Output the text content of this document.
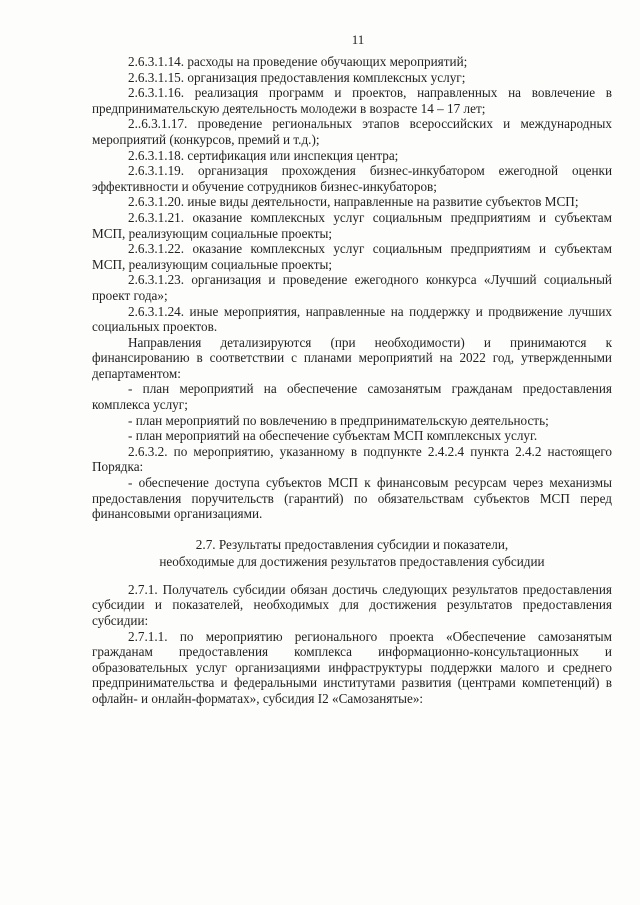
11

2.6.3.1.14. расходы на проведение обучающих мероприятий;

2.6.3.1.15. организация предоставления комплексных услуг;

2.6.3.1.16. реализация программ и проектов, направленных на вовлечение в предпринимательскую деятельность молодежи в возрасте 14 – 17 лет;

2..6.3.1.17. проведение региональных этапов всероссийских и международных мероприятий (конкурсов, премий и т.д.);

2.6.3.1.18. сертификация или инспекция центра;

2.6.3.1.19. организация прохождения бизнес-инкубатором ежегодной оценки эффективности и обучение сотрудников бизнес-инкубаторов;

2.6.3.1.20. иные виды деятельности, направленные на развитие субъектов МСП;

2.6.3.1.21. оказание комплексных услуг социальным предприятиям и субъектам МСП, реализующим социальные проекты;

2.6.3.1.22. оказание комплексных услуг социальным предприятиям и субъектам МСП, реализующим социальные проекты;

2.6.3.1.23. организация и проведение ежегодного конкурса «Лучший социальный проект года»;

2.6.3.1.24. иные мероприятия, направленные на поддержку и продвижение лучших социальных проектов.

Направления детализируются (при необходимости) и принимаются к финансированию в соответствии с планами мероприятий на 2022 год, утвержденными департаментом:

- план мероприятий на обеспечение самозанятым гражданам предоставления комплекса услуг;

- план мероприятий по вовлечению в предпринимательскую деятельность;

- план мероприятий на обеспечение субъектам МСП комплексных услуг.

2.6.3.2. по мероприятию, указанному в подпункте 2.4.2.4 пункта 2.4.2 настоящего Порядка:

- обеспечение доступа субъектов МСП к финансовым ресурсам через механизмы предоставления поручительств (гарантий) по обязательствам субъектов МСП перед финансовыми организациями.

2.7. Результаты предоставления субсидии и показатели,
необходимые для достижения результатов предоставления субсидии

2.7.1. Получатель субсидии обязан достичь следующих результатов предоставления субсидии и показателей, необходимых для достижения результатов предоставления субсидии:

2.7.1.1. по мероприятию регионального проекта «Обеспечение самозанятым гражданам предоставления комплекса информационно-консультационных и образовательных услуг организациями инфраструктуры поддержки малого и среднего предпринимательства и федеральными институтами развития (центрами компетенций) в офлайн- и онлайн-форматах», субсидия I2 «Самозанятые»:
